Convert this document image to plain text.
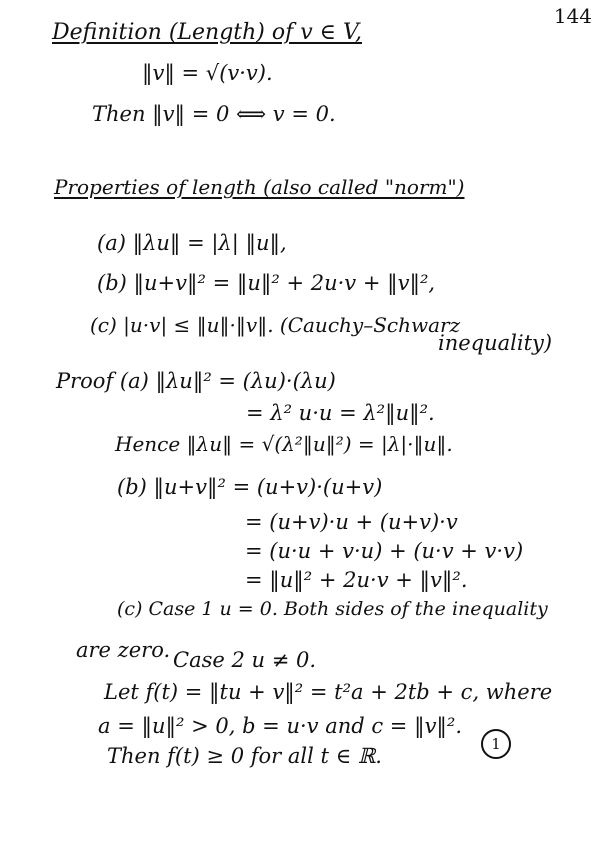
144
Definition (Length) of v ∈ V,
‖v‖ = √(v·v).
Then ‖v‖ = 0 ⟺ v = 0.
Properties of length (also called "norm")
(a) ‖λu‖ = |λ| ‖u‖,
(b) ‖u+v‖² = ‖u‖² + 2u·v + ‖v‖²,
(c) |u·v| ≤ ‖u‖·‖v‖. (Cauchy–Schwarz
inequality)
Proof (a) ‖λu‖² = (λu)·(λu)
= λ² u·u = λ²‖u‖².
Hence ‖λu‖ = √(λ²‖u‖²) = |λ|·‖u‖.
(b) ‖u+v‖² = (u+v)·(u+v)
= (u+v)·u + (u+v)·v
= (u·u + v·u) + (u·v + v·v)
= ‖u‖² + 2u·v + ‖v‖².
(c) Case 1 u = 0. Both sides of the inequality
are zero. Case 2 u ≠ 0.
Let f(t) = ‖tu + v‖² = t²a + 2tb + c, where
a = ‖u‖² > 0, b = u·v and c = ‖v‖².
Then f(t) ≥ 0 for all t ∈ ℝ.	1
